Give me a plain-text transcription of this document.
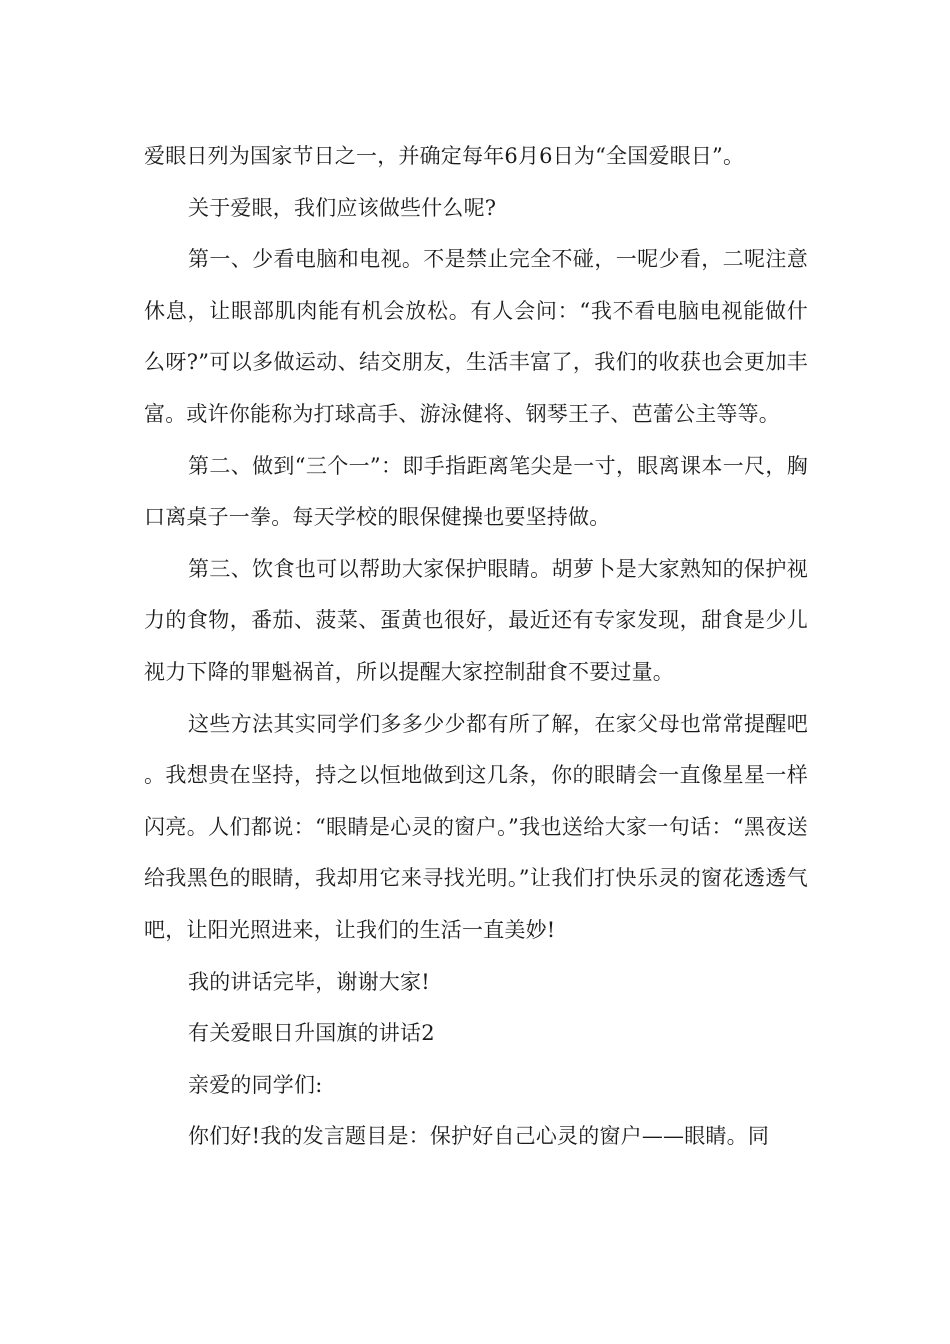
爱眼日列为国家节日之一，并确定每年6月6日为“全国爱眼日”。

关于爱眼，我们应该做些什么呢?

第一、少看电脑和电视。不是禁止完全不碰，一呢少看，二呢注意休息，让眼部肌肉能有机会放松。有人会问：“我不看电脑电视能做什么呀?”可以多做运动、结交朋友，生活丰富了，我们的收获也会更加丰富。或许你能称为打球高手、游泳健将、钢琴王子、芭蕾公主等等。

第二、做到“三个一”：即手指距离笔尖是一寸，眼离课本一尺，胸口离桌子一拳。每天学校的眼保健操也要坚持做。

第三、饮食也可以帮助大家保护眼睛。胡萝卜是大家熟知的保护视力的食物，番茄、菠菜、蛋黄也很好，最近还有专家发现，甜食是少儿视力下降的罪魁祸首，所以提醒大家控制甜食不要过量。

这些方法其实同学们多多少少都有所了解，在家父母也常常提醒吧。我想贵在坚持，持之以恒地做到这几条，你的眼睛会一直像星星一样闪亮。人们都说：“眼睛是心灵的窗户。”我也送给大家一句话：“黑夜送给我黑色的眼睛，我却用它来寻找光明。”让我们打快乐灵的窗花透透气吧，让阳光照进来，让我们的生活一直美妙!

我的讲话完毕，谢谢大家!

有关爱眼日升国旗的讲话2

亲爱的同学们:

你们好!我的发言题目是：保护好自己心灵的窗户——眼睛。同
